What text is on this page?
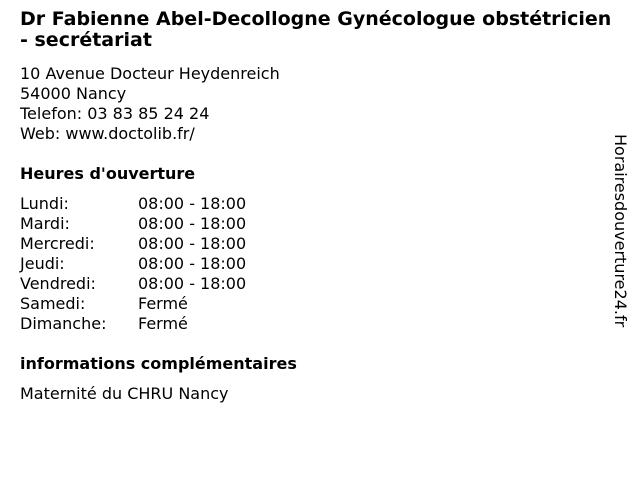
Dr Fabienne Abel-Decollogne Gynécologue obstétricien - secrétariat
10 Avenue Docteur Heydenreich
54000 Nancy
Telefon: 03 83 85 24 24
Web: www.doctolib.fr/
Heures d'ouverture
Lundi:	08:00 - 18:00
Mardi:	08:00 - 18:00
Mercredi:	08:00 - 18:00
Jeudi:	08:00 - 18:00
Vendredi:	08:00 - 18:00
Samedi:	Fermé
Dimanche:	Fermé
informations complémentaires
Maternité du CHRU Nancy
Horairesdouverture24.fr
